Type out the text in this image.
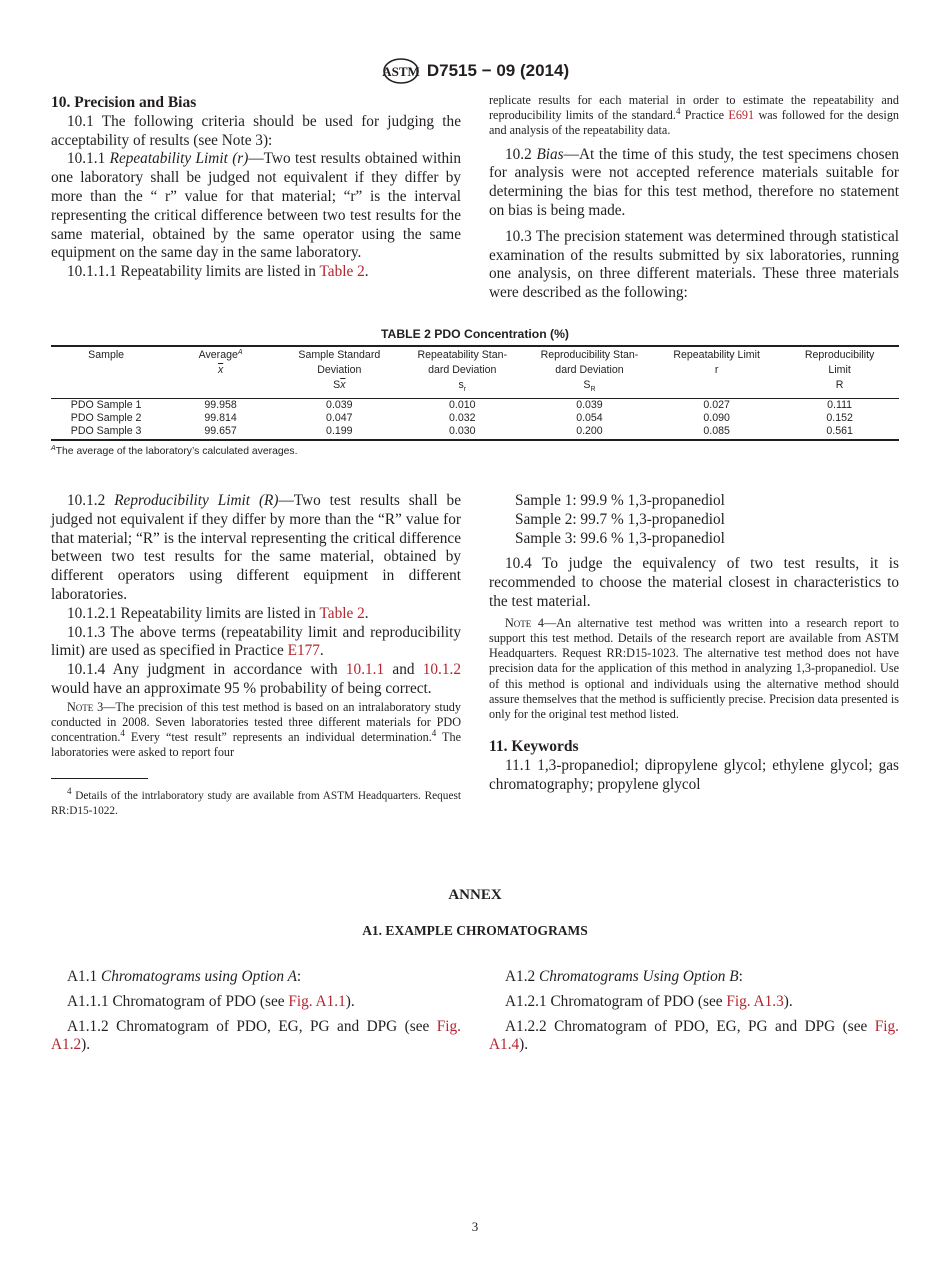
ASTM D7515 − 09 (2014)

10. Precision and Bias

10.1 The following criteria should be used for judging the acceptability of results (see Note 3):

10.1.1 Repeatability Limit (r)—Two test results obtained within one laboratory shall be judged not equivalent if they differ by more than the “ r” value for that material; “r” is the interval representing the critical difference between two test results for the same material, obtained by the same operator using the same equipment on the same day in the same laboratory.

10.1.1.1 Repeatability limits are listed in Table 2.

replicate results for each material in order to estimate the repeatability and reproducibility limits of the standard.$^4$ Practice E691 was followed for the design and analysis of the repeatability data.

10.2 Bias—At the time of this study, the test specimens chosen for analysis were not accepted reference materials suitable for determining the bias for this test method, therefore no statement on bias is being made.

10.3 The precision statement was determined through statistical examination of the results submitted by six laboratories, running one analysis, on three different materials. These three materials were described as the following:

TABLE 2 PDO Concentration (%)
Sample	Average$^A$	Sample Standard	Repeatability Stan-	Reproducibility Stan-	Repeatability Limit	Reproducibility
	$\overline{x}$	Deviation	dard Deviation	dard Deviation	r	Limit
		$S\overline{x}$	$s_r$	$S_R$		R
PDO Sample 1	99.958	0.039	0.010	0.039	0.027	0.111
PDO Sample 2	99.814	0.047	0.032	0.054	0.090	0.152
PDO Sample 3	99.657	0.199	0.030	0.200	0.085	0.561
$^A$The average of the laboratory’s calculated averages.

10.1.2 Reproducibility Limit (R)—Two test results shall be judged not equivalent if they differ by more than the “R” value for that material; “R” is the interval representing the critical difference between two test results for the same material, obtained by different operators using different equipment in different laboratories.

10.1.2.1 Repeatability limits are listed in Table 2.

10.1.3 The above terms (repeatability limit and reproducibility limit) are used as specified in Practice E177.

10.1.4 Any judgment in accordance with 10.1.1 and 10.1.2 would have an approximate 95 % probability of being correct.

Note 3—The precision of this test method is based on an intralaboratory study conducted in 2008. Seven laboratories tested three different materials for PDO concentration.$^4$ Every “test result” represents an individual determination.$^4$ The laboratories were asked to report four

$^4$ Details of the intrlaboratory study are available from ASTM Headquarters. Request RR:D15-1022.

Sample 1: 99.9 % 1,3-propanediol

Sample 2: 99.7 % 1,3-propanediol

Sample 3: 99.6 % 1,3-propanediol

10.4 To judge the equivalency of two test results, it is recommended to choose the material closest in characteristics to the test material.

Note 4—An alternative test method was written into a research report to support this test method. Details of the research report are available from ASTM Headquarters. Request RR:D15-1023. The alternative test method does not have precision data for the application of this method in analyzing 1,3-propanediol. Use of this method is optional and individuals using the alternative method should assure themselves that the method is sufficiently precise. Precision data presented is only for the original test method listed.

11. Keywords

11.1 1,3-propanediol; dipropylene glycol; ethylene glycol; gas chromatography; propylene glycol

ANNEX
A1. EXAMPLE CHROMATOGRAMS

A1.1 Chromatograms using Option A:

A1.1.1 Chromatogram of PDO (see Fig. A1.1).

A1.1.2 Chromatogram of PDO, EG, PG and DPG (see Fig. A1.2).

A1.2 Chromatograms Using Option B:

A1.2.1 Chromatogram of PDO (see Fig. A1.3).

A1.2.2 Chromatogram of PDO, EG, PG and DPG (see Fig. A1.4).

3
